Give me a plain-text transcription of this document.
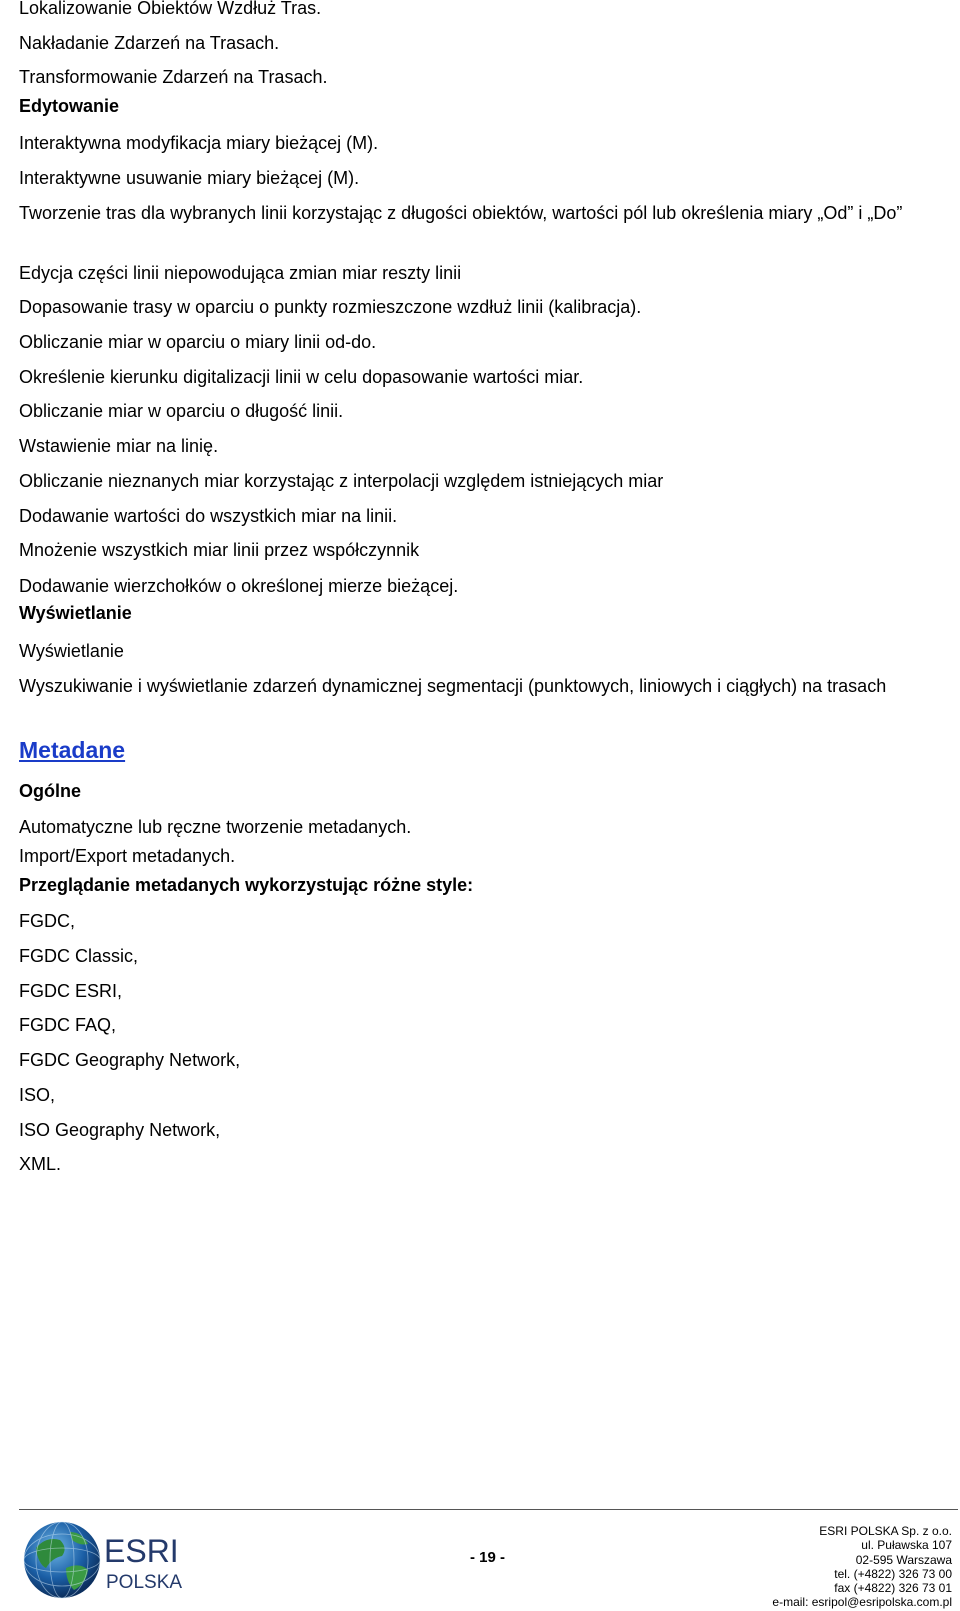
Lokalizowanie Obiektów Wzdłuż Tras.
Nakładanie Zdarzeń na Trasach.
Transformowanie Zdarzeń na Trasach.
Edytowanie
Interaktywna modyfikacja miary bieżącej (M).
Interaktywne usuwanie miary bieżącej (M).
Tworzenie tras dla wybranych linii korzystając z długości obiektów, wartości pól lub określenia miary „Od” i „Do”
Edycja części linii niepowodująca zmian miar reszty linii
Dopasowanie trasy w oparciu o punkty rozmieszczone wzdłuż linii (kalibracja).
Obliczanie miar w oparciu o miary linii od-do.
Określenie kierunku digitalizacji linii w celu dopasowanie wartości miar.
Obliczanie miar w oparciu o długość linii.
Wstawienie miar na linię.
Obliczanie nieznanych miar korzystając z interpolacji względem istniejących miar
Dodawanie wartości do wszystkich miar na linii.
Mnożenie wszystkich miar linii przez współczynnik
Dodawanie wierzchołków o określonej mierze bieżącej.
Wyświetlanie
Wyświetlanie
Wyszukiwanie i wyświetlanie zdarzeń dynamicznej segmentacji (punktowych, liniowych i ciągłych) na trasach
Metadane
Ogólne
Automatyczne lub ręczne tworzenie metadanych.
Import/Export metadanych.
Przeglądanie metadanych wykorzystując różne style:
FGDC,
FGDC Classic,
FGDC ESRI,
FGDC FAQ,
FGDC Geography Network,
ISO,
ISO Geography Network,
XML.
ESRI
POLSKA
- 19 -
ESRI POLSKA Sp. z o.o.
ul. Puławska 107
02-595 Warszawa
tel. (+4822) 326 73 00
fax (+4822) 326 73 01
e-mail: esripol@esripolska.com.pl
